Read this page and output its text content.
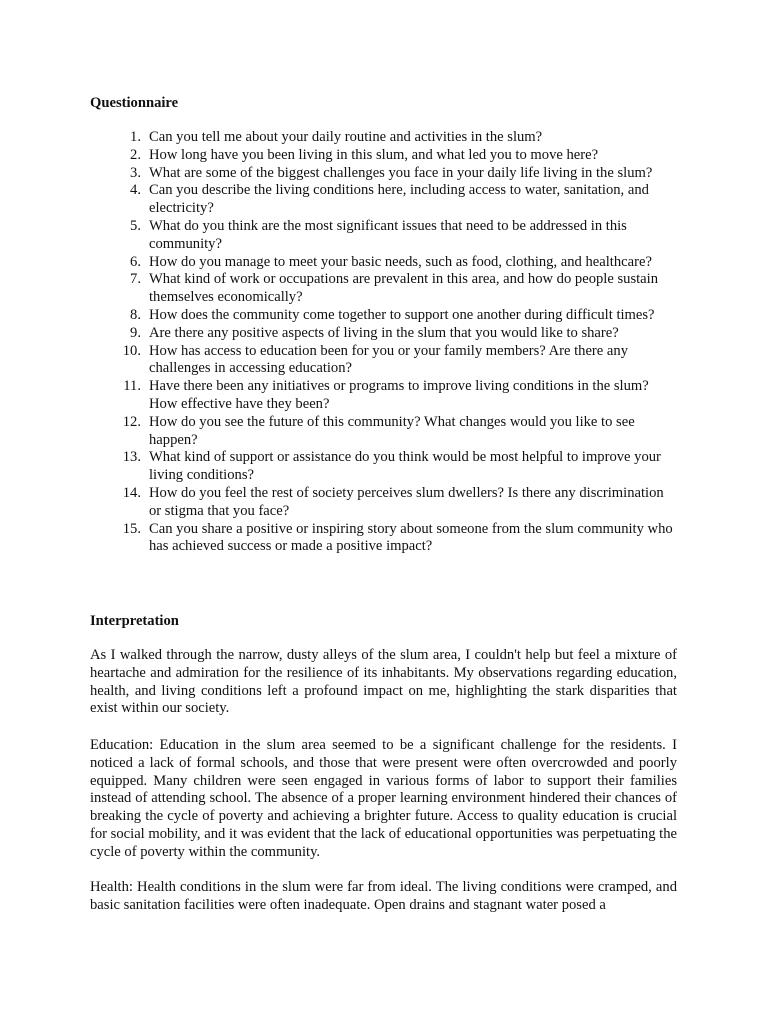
Questionnaire
1. Can you tell me about your daily routine and activities in the slum?
2. How long have you been living in this slum, and what led you to move here?
3. What are some of the biggest challenges you face in your daily life living in the slum?
4. Can you describe the living conditions here, including access to water, sanitation, and electricity?
5. What do you think are the most significant issues that need to be addressed in this community?
6. How do you manage to meet your basic needs, such as food, clothing, and healthcare?
7. What kind of work or occupations are prevalent in this area, and how do people sustain themselves economically?
8. How does the community come together to support one another during difficult times?
9. Are there any positive aspects of living in the slum that you would like to share?
10. How has access to education been for you or your family members? Are there any challenges in accessing education?
11. Have there been any initiatives or programs to improve living conditions in the slum? How effective have they been?
12. How do you see the future of this community? What changes would you like to see happen?
13. What kind of support or assistance do you think would be most helpful to improve your living conditions?
14. How do you feel the rest of society perceives slum dwellers? Is there any discrimination or stigma that you face?
15. Can you share a positive or inspiring story about someone from the slum community who has achieved success or made a positive impact?
Interpretation

As I walked through the narrow, dusty alleys of the slum area, I couldn't help but feel a mixture of heartache and admiration for the resilience of its inhabitants. My observations regarding education, health, and living conditions left a profound impact on me, highlighting the stark disparities that exist within our society.

Education: Education in the slum area seemed to be a significant challenge for the residents. I noticed a lack of formal schools, and those that were present were often overcrowded and poorly equipped. Many children were seen engaged in various forms of labor to support their families instead of attending school. The absence of a proper learning environment hindered their chances of breaking the cycle of poverty and achieving a brighter future. Access to quality education is crucial for social mobility, and it was evident that the lack of educational opportunities was perpetuating the cycle of poverty within the community.

Health: Health conditions in the slum were far from ideal. The living conditions were cramped, and basic sanitation facilities were often inadequate. Open drains and stagnant water posed a
